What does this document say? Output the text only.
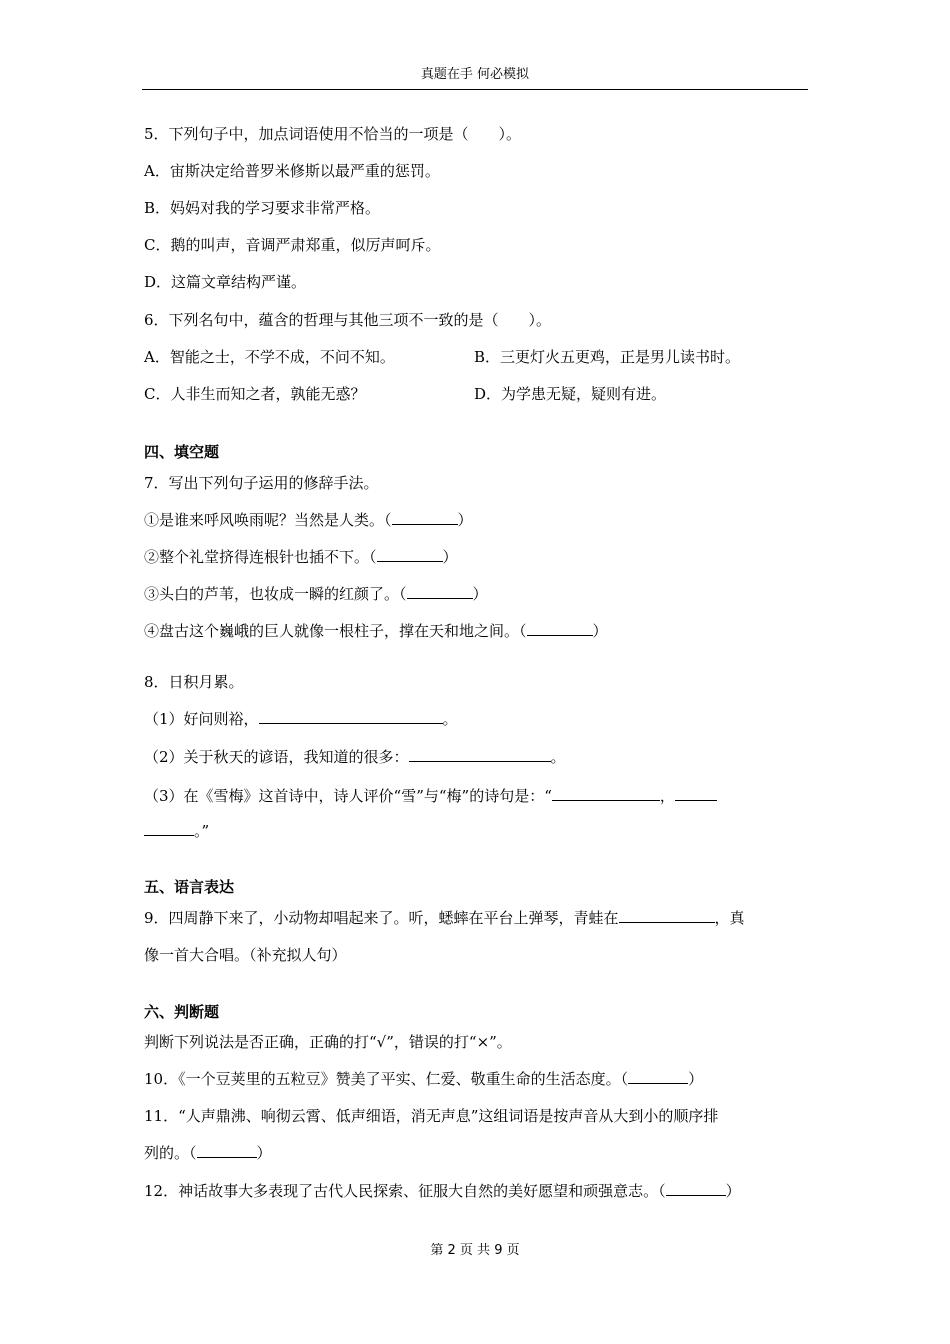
真题在手 何必模拟
5．下列句子中，加点词语使用不恰当的一项是（　　）。
A．宙斯决定给普罗米修斯以最严重的惩罚。
B．妈妈对我的学习要求非常严格。
C．鹅的叫声，音调严肃郑重，似厉声呵斥。
D．这篇文章结构严谨。
6．下列名句中，蕴含的哲理与其他三项不一致的是（　　）。
A．智能之士，不学不成，不问不知。	B．三更灯火五更鸡，正是男儿读书时。
C．人非生而知之者，孰能无惑？	D．为学患无疑，疑则有进。
四、填空题
7．写出下列句子运用的修辞手法。
①是谁来呼风唤雨呢？当然是人类。（	）
②整个礼堂挤得连根针也插不下。（	）
③头白的芦苇，也妆成一瞬的红颜了。（	）
④盘古这个巍峨的巨人就像一根柱子，撑在天和地之间。（	）
8．日积月累。
（1）好问则裕，	。
（2）关于秋天的谚语，我知道的很多：	。
（3）在《雪梅》这首诗中，诗人评价“雪”与“梅”的诗句是：“	，
。”
五、语言表达
9．四周静下来了，小动物却唱起来了。听，蟋蟀在平台上弹琴，青蛙在	，真
像一首大合唱。（补充拟人句）
六、判断题
判断下列说法是否正确，正确的打“√”，错误的打“×”。
10．《一个豆荚里的五粒豆》赞美了平实、仁爱、敬重生命的生活态度。（	）
11．“人声鼎沸、响彻云霄、低声细语，消无声息”这组词语是按声音从大到小的顺序排
列的。（	）
12．神话故事大多表现了古代人民探索、征服大自然的美好愿望和顽强意志。（	）
第 2 页 共 9 页
